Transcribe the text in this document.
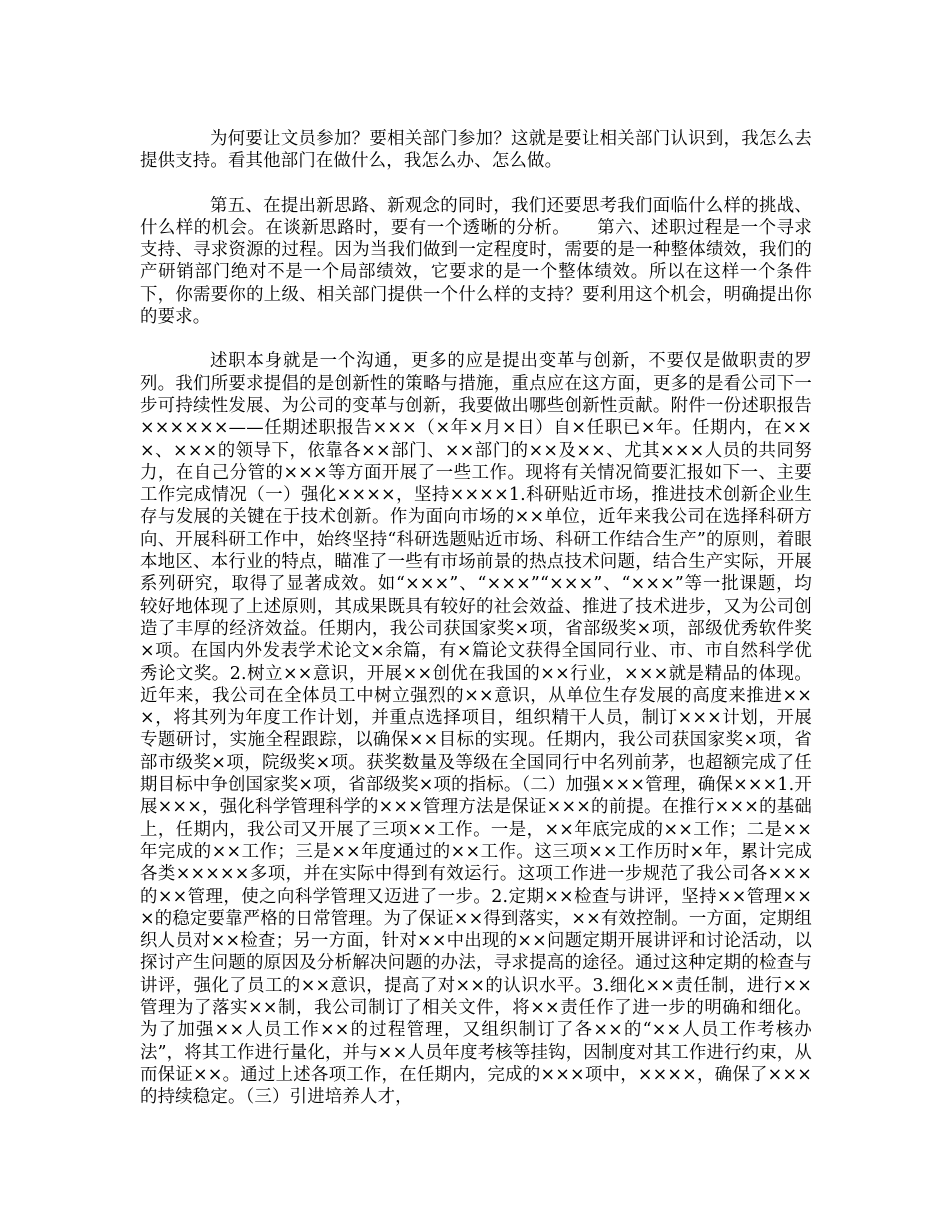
为何要让文员参加？要相关部门参加？这就是要让相关部门认识到，我怎么去提供支持。看其他部门在做什么，我怎么办、怎么做。

第五、在提出新思路、新观念的同时，我们还要思考我们面临什么样的挑战、什么样的机会。在谈新思路时，要有一个透晰的分析。　　第六、述职过程是一个寻求支持、寻求资源的过程。因为当我们做到一定程度时，需要的是一种整体绩效，我们的产研销部门绝对不是一个局部绩效，它要求的是一个整体绩效。所以在这样一个条件下，你需要你的上级、相关部门提供一个什么样的支持？要利用这个机会，明确提出你的要求。

述职本身就是一个沟通，更多的应是提出变革与创新，不要仅是做职责的罗列。我们所要求提倡的是创新性的策略与措施，重点应在这方面，更多的是看公司下一步可持续性发展、为公司的变革与创新，我要做出哪些创新性贡献。附件一份述职报告××××××——任期述职报告×××（×年×月×日）自×任职已×年。任期内，在×××、×××的领导下，依靠各××部门、××部门的××及××、尤其×××人员的共同努力，在自己分管的×××等方面开展了一些工作。现将有关情况简要汇报如下一、主要工作完成情况（一）强化××××，坚持××××1.科研贴近市场，推进技术创新企业生存与发展的关键在于技术创新。作为面向市场的××单位，近年来我公司在选择科研方向、开展科研工作中，始终坚持“科研选题贴近市场、科研工作结合生产”的原则，着眼本地区、本行业的特点，瞄准了一些有市场前景的热点技术问题，结合生产实际，开展系列研究，取得了显著成效。如“×××”、“×××”“×××”、“×××”等一批课题，均较好地体现了上述原则，其成果既具有较好的社会效益、推进了技术进步，又为公司创造了丰厚的经济效益。任期内，我公司获国家奖×项，省部级奖×项，部级优秀软件奖×项。在国内外发表学术论文×余篇，有×篇论文获得全国同行业、市、市自然科学优秀论文奖。2.树立××意识，开展××创优在我国的××行业，×××就是精品的体现。近年来，我公司在全体员工中树立强烈的××意识，从单位生存发展的高度来推进×××，将其列为年度工作计划，并重点选择项目，组织精干人员，制订×××计划，开展专题研讨，实施全程跟踪，以确保××目标的实现。任期内，我公司获国家奖×项，省部市级奖×项，院级奖×项。获奖数量及等级在全国同行中名列前茅，也超额完成了任期目标中争创国家奖×项，省部级奖×项的指标。（二）加强×××管理，确保×××1.开展×××，强化科学管理科学的×××管理方法是保证×××的前提。在推行×××的基础上，任期内，我公司又开展了三项××工作。一是，××年底完成的××工作；二是××年完成的××工作；三是××年度通过的××工作。这三项××工作历时×年，累计完成各类×××××多项，并在实际中得到有效运行。这项工作进一步规范了我公司各×××的××管理，使之向科学管理又迈进了一步。2.定期××检查与讲评，坚持××管理×××的稳定要靠严格的日常管理。为了保证××得到落实，××有效控制。一方面，定期组织人员对××检查；另一方面，针对××中出现的××问题定期开展讲评和讨论活动，以探讨产生问题的原因及分析解决问题的办法，寻求提高的途径。通过这种定期的检查与讲评，强化了员工的××意识，提高了对××的认识水平。3.细化××责任制，进行××管理为了落实××制，我公司制订了相关文件，将××责任作了进一步的明确和细化。为了加强××人员工作××的过程管理，又组织制订了各××的“××人员工作考核办法”，将其工作进行量化，并与××人员年度考核等挂钩，因制度对其工作进行约束，从而保证××。通过上述各项工作，在任期内，完成的×××项中，××××，确保了×××的持续稳定。（三）引进培养人才，
